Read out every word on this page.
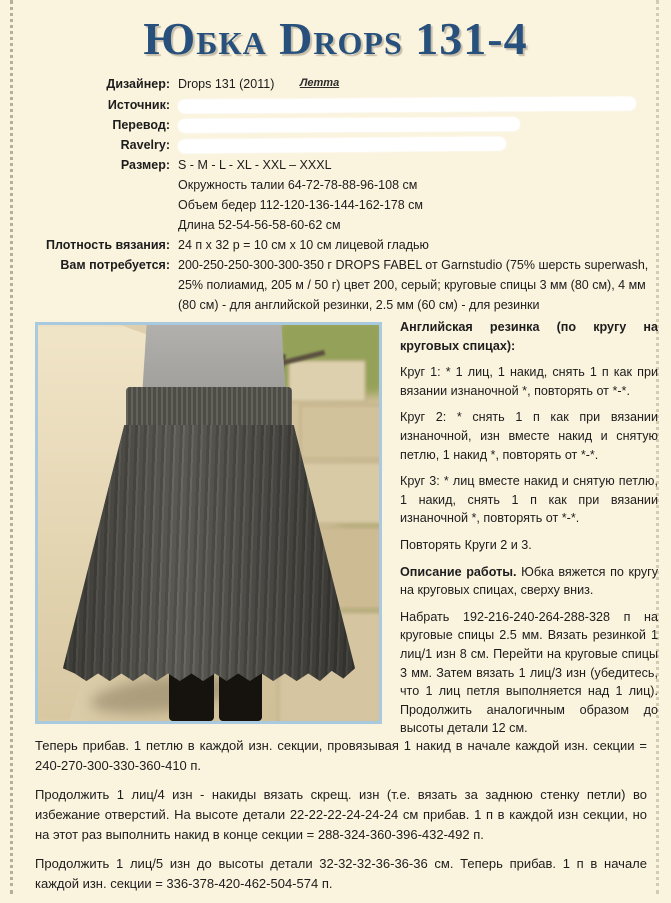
Юбка Drops 131-4
Дизайнер: Drops 131 (2011) Летта
Источник:
Перевод:
Ravelry:
Размер: S - M - L - XL - XXL – XXXL
Окружность талии 64-72-78-88-96-108 см
Объем бедер 112-120-136-144-162-178 см
Длина 52-54-56-58-60-62 см
Плотность вязания: 24 п x 32 р = 10 см x 10 см лицевой гладью
Вам потребуется: 200-250-250-300-300-350 г DROPS FABEL от Garnstudio (75% шерсть superwash, 25% полиамид, 205 м / 50 г) цвет 200, серый; круговые спицы 3 мм (80 см), 4 мм (80 см) - для английской резинки, 2.5 мм (60 см) - для резинки

Английская резинка (по кругу на круговых спицах):

Круг 1: * 1 лиц, 1 накид, снять 1 п как при вязании изнаночной *, повторять от *-*.

Круг 2: * снять 1 п как при вязании изнаночной, изн вместе накид и снятую петлю, 1 накид *, повторять от *-*.

Круг 3: * лиц вместе накид и снятую петлю, 1 накид, снять 1 п как при вязании изнаночной *, повторять от *-*.

Повторять Круги 2 и 3.

Описание работы. Юбка вяжется по кругу на круговых спицах, сверху вниз.

Набрать 192-216-240-264-288-328 п на круговые спицы 2.5 мм. Вязать резинкой 1 лиц/1 изн 8 см. Перейти на круговые спицы 3 мм. Затем вязать 1 лиц/3 изн (убедитесь, что 1 лиц петля выполняется над 1 лиц). Продолжить аналогичным образом до высоты детали 12 см.

Теперь прибав. 1 петлю в каждой изн. секции, провязывая 1 накид в начале каждой изн. секции = 240-270-300-330-360-410 п.

Продолжить 1 лиц/4 изн - накиды вязать скрещ. изн (т.е. вязать за заднюю стенку петли) во избежание отверстий. На высоте детали 22-22-22-24-24-24 см прибав. 1 п в каждой изн секции, но на этот раз выполнить накид в конце секции = 288-324-360-396-432-492 п.

Продолжить 1 лиц/5 изн до высоты детали 32-32-32-36-36-36 см. Теперь прибав. 1 п в начале каждой изн. секции = 336-378-420-462-504-574 п.
